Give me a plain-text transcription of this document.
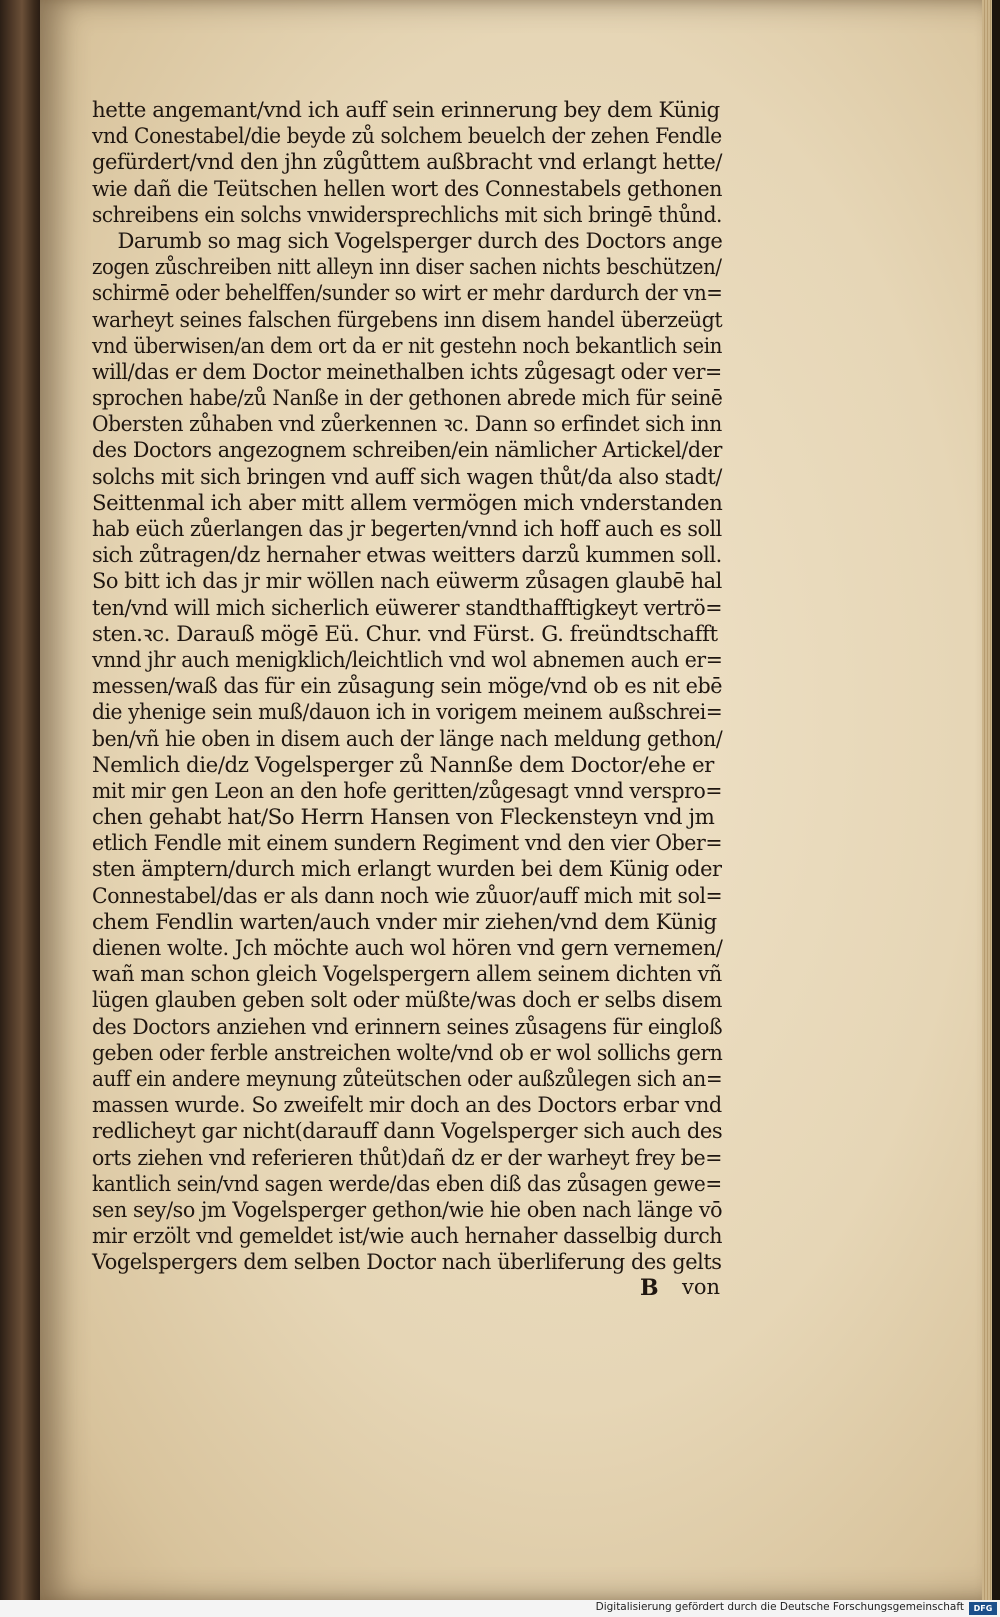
hette angemant/vnd ich auff sein erinnerung bey dem Künig
vnd Conestabel/die beyde zů solchem beuelch der zehen Fendle
gefürdert/vnd den jhn zůgůttem außbracht vnd erlangt hette/
wie dañ die Teütschen hellen wort des Connestabels gethonen
schreibens ein solchs vnwidersprechlichs mit sich bringē thůnd.
Darumb so mag sich Vogelsperger durch des Doctors ange
zogen zůschreiben nitt alleyn inn diser sachen nichts beschützen/
schirmē oder behelffen/sunder so wirt er mehr dardurch der vn=
warheyt seines falschen fürgebens inn disem handel überzeügt
vnd überwisen/an dem ort da er nit gestehn noch bekantlich sein
will/das er dem Doctor meinethalben ichts zůgesagt oder ver=
sprochen habe/zů Nanße in der gethonen abrede mich für seinē
Obersten zůhaben vnd zůerkennen ꝛc. Dann so erfindet sich inn
des Doctors angezognem schreiben/ein nämlicher Artickel/der
solchs mit sich bringen vnd auff sich wagen thůt/da also stadt/
Seittenmal ich aber mitt allem vermögen mich vnderstanden
hab eüch zůerlangen das jr begerten/vnnd ich hoff auch es soll
sich zůtragen/dz hernaher etwas weitters darzů kummen soll.
So bitt ich das jr mir wöllen nach eüwerm zůsagen glaubē hal
ten/vnd will mich sicherlich eüwerer standthafftigkeyt vertrö=
sten.ꝛc. Darauß mögē Eü. Chur. vnd Fürst. G. freündtschafft
vnnd jhr auch menigklich/leichtlich vnd wol abnemen auch er=
messen/waß das für ein zůsagung sein möge/vnd ob es nit ebē
die yhenige sein muß/dauon ich in vorigem meinem außschrei=
ben/vñ hie oben in disem auch der länge nach meldung gethon/
Nemlich die/dz Vogelsperger zů Nannße dem Doctor/ehe er
mit mir gen Leon an den hofe geritten/zůgesagt vnnd verspro=
chen gehabt hat/So Herrn Hansen von Fleckensteyn vnd jm
etlich Fendle mit einem sundern Regiment vnd den vier Ober=
sten ämptern/durch mich erlangt wurden bei dem Künig oder
Connestabel/das er als dann noch wie zůuor/auff mich mit sol=
chem Fendlin warten/auch vnder mir ziehen/vnd dem Künig
dienen wolte. Jch möchte auch wol hören vnd gern vernemen/
wañ man schon gleich Vogelspergern allem seinem dichten vñ
lügen glauben geben solt oder müßte/was doch er selbs disem
des Doctors anziehen vnd erinnern seines zůsagens für eingloß
geben oder ferble anstreichen wolte/vnd ob er wol sollichs gern
auff ein andere meynung zůteütschen oder außzůlegen sich an=
massen wurde. So zweifelt mir doch an des Doctors erbar vnd
redlicheyt gar nicht(darauff dann Vogelsperger sich auch des
orts ziehen vnd referieren thůt)dañ dz er der warheyt frey be=
kantlich sein/vnd sagen werde/das eben diß das zůsagen gewe=
sen sey/so jm Vogelsperger gethon/wie hie oben nach länge vō
mir erzölt vnd gemeldet ist/wie auch hernaher dasselbig durch
Vogelspergers dem selben Doctor nach überliferung des gelts
B von
Digitalisierung gefördert durch die Deutsche Forschungsgemeinschaft	DFG
